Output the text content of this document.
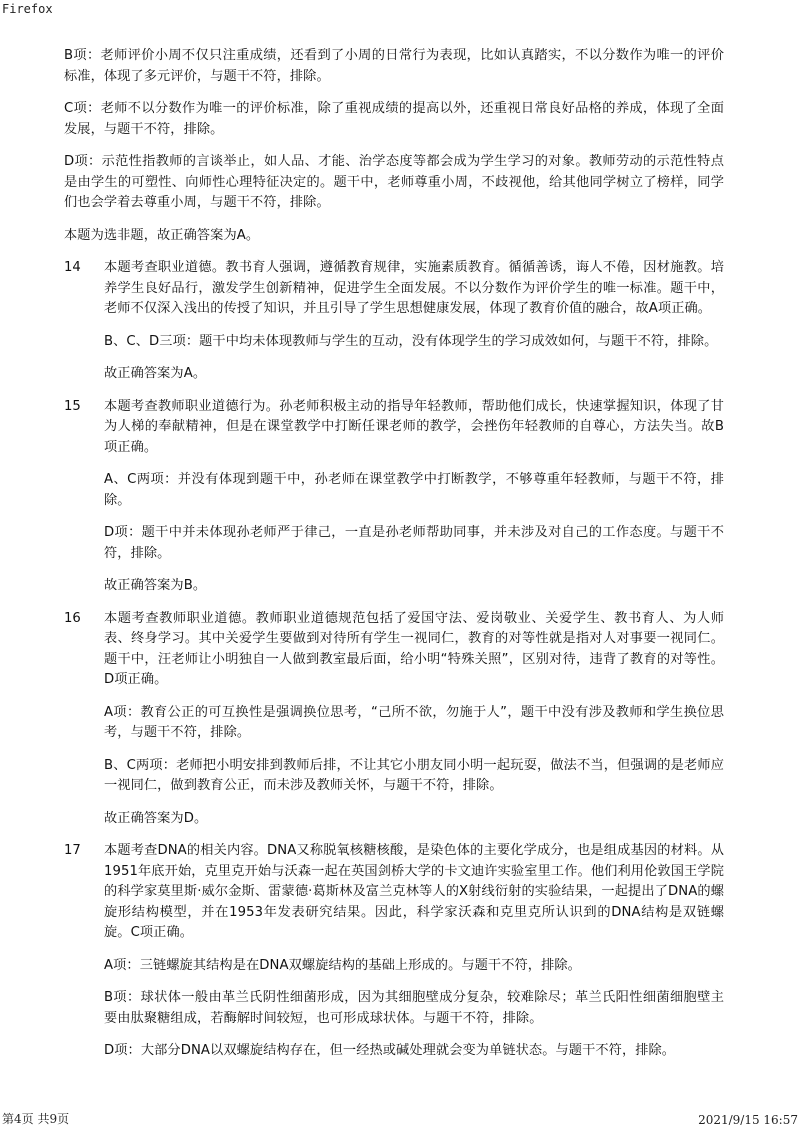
Firefox

B项：老师评价小周不仅只注重成绩，还看到了小周的日常行为表现，比如认真踏实，不以分数作为唯一的评价标准，体现了多元评价，与题干不符，排除。

C项：老师不以分数作为唯一的评价标准，除了重视成绩的提高以外，还重视日常良好品格的养成，体现了全面发展，与题干不符，排除。

D项：示范性指教师的言谈举止，如人品、才能、治学态度等都会成为学生学习的对象。教师劳动的示范性特点是由学生的可塑性、向师性心理特征决定的。题干中，老师尊重小周，不歧视他，给其他同学树立了榜样，同学们也会学着去尊重小周，与题干不符，排除。

本题为选非题，故正确答案为A。

14	本题考查职业道德。教书育人强调，遵循教育规律，实施素质教育。循循善诱，诲人不倦，因材施教。培养学生良好品行，激发学生创新精神，促进学生全面发展。不以分数作为评价学生的唯一标准。题干中，老师不仅深入浅出的传授了知识，并且引导了学生思想健康发展，体现了教育价值的融合，故A项正确。

B、C、D三项：题干中均未体现教师与学生的互动，没有体现学生的学习成效如何，与题干不符，排除。

故正确答案为A。

15	本题考查教师职业道德行为。孙老师积极主动的指导年轻教师，帮助他们成长，快速掌握知识，体现了甘为人梯的奉献精神，但是在课堂教学中打断任课老师的教学，会挫伤年轻教师的自尊心，方法失当。故B项正确。

A、C两项：并没有体现到题干中，孙老师在课堂教学中打断教学，不够尊重年轻教师，与题干不符，排除。

D项：题干中并未体现孙老师严于律己，一直是孙老师帮助同事，并未涉及对自己的工作态度。与题干不符，排除。

故正确答案为B。

16	本题考查教师职业道德。教师职业道德规范包括了爱国守法、爱岗敬业、关爱学生、教书育人、为人师表、终身学习。其中关爱学生要做到对待所有学生一视同仁，教育的对等性就是指对人对事要一视同仁。题干中，汪老师让小明独自一人做到教室最后面，给小明“特殊关照”，区别对待，违背了教育的对等性。D项正确。

A项：教育公正的可互换性是强调换位思考，“己所不欲，勿施于人”，题干中没有涉及教师和学生换位思考，与题干不符，排除。

B、C两项：老师把小明安排到教师后排，不让其它小朋友同小明一起玩耍，做法不当，但强调的是老师应一视同仁，做到教育公正，而未涉及教师关怀，与题干不符，排除。

故正确答案为D。

17	本题考查DNA的相关内容。DNA又称脱氧核糖核酸，是染色体的主要化学成分，也是组成基因的材料。从1951年底开始，克里克开始与沃森一起在英国剑桥大学的卡文迪许实验室里工作。他们利用伦敦国王学院的科学家莫里斯·威尔金斯、雷蒙德·葛斯林及富兰克林等人的X射线衍射的实验结果，一起提出了DNA的螺旋形结构模型，并在1953年发表研究结果。因此，科学家沃森和克里克所认识到的DNA结构是双链螺旋。C项正确。

A项：三链螺旋其结构是在DNA双螺旋结构的基础上形成的。与题干不符，排除。

B项：球状体一般由革兰氏阴性细菌形成，因为其细胞壁成分复杂，较难除尽；革兰氏阳性细菌细胞壁主要由肽聚糖组成，若酶解时间较短，也可形成球状体。与题干不符，排除。

D项：大部分DNA以双螺旋结构存在，但一经热或碱处理就会变为单链状态。与题干不符，排除。

第4页 共9页	2021/9/15 16:57
